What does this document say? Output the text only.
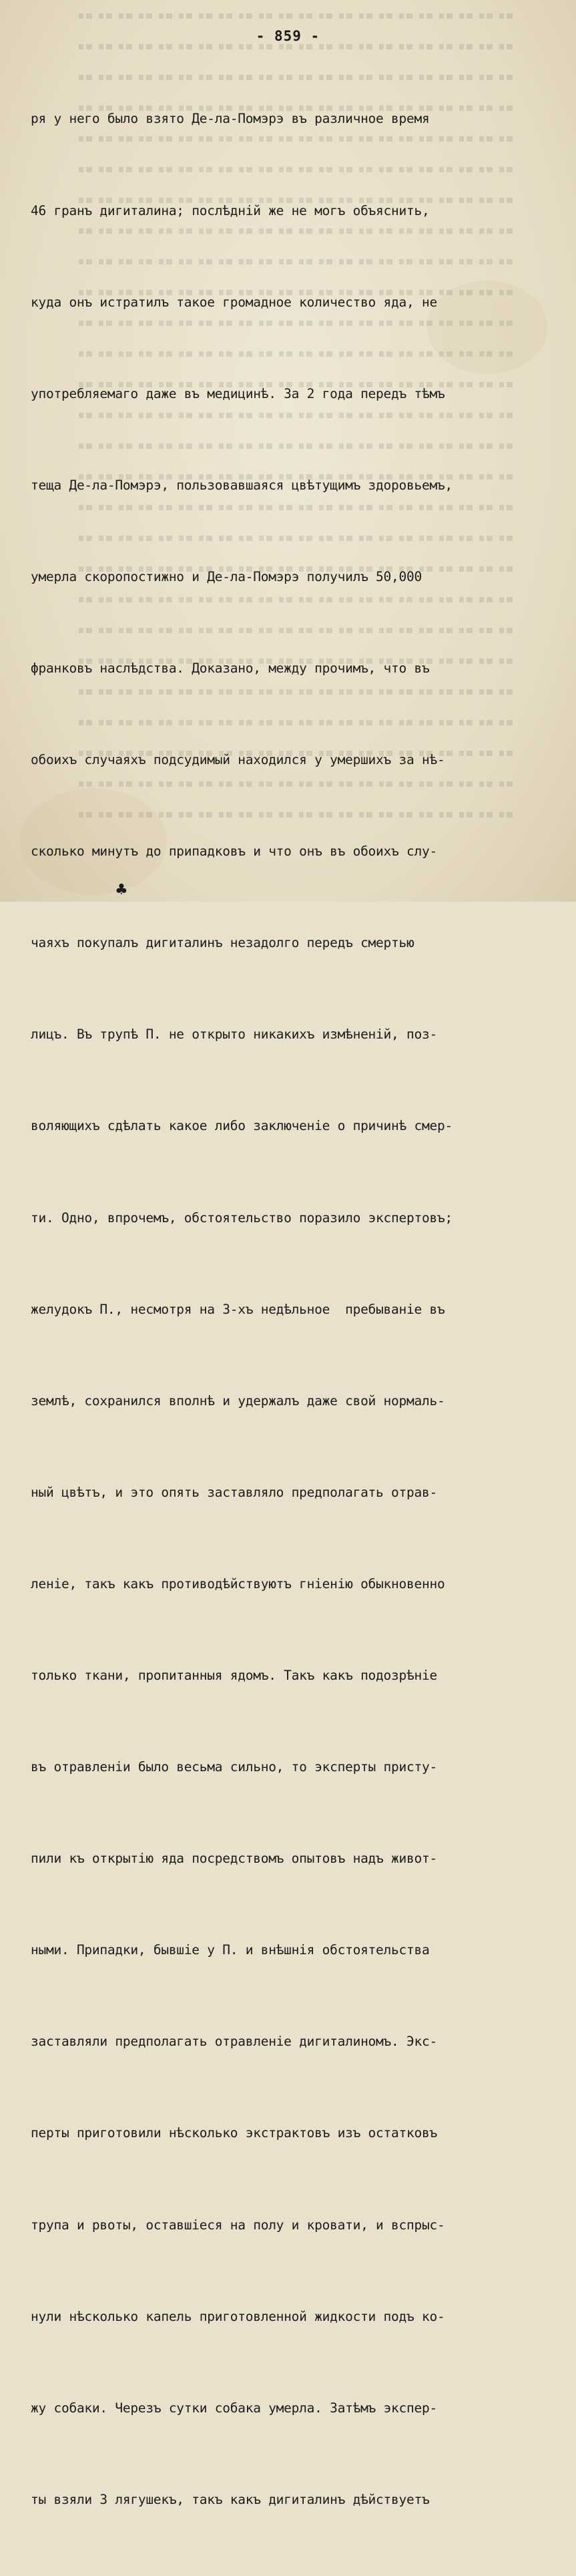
- 859 -

ря у него было взято Де-ла-Помэрэ въ различное время

46 гранъ дигиталина; послѣдній же не могъ объяснить,

куда онъ истратилъ такое громадное количество яда, не

употребляемаго даже въ медицинѣ. За 2 года передъ тѣмъ

теща Де-ла-Помэрэ, пользовавшаяся цвѣтущимъ здоровьемъ,

умерла скоропостижно и Де-ла-Помэрэ получилъ 50,000

франковъ наслѣдства. Доказано, между прочимъ, что въ

обоихъ случаяхъ подсудимый находился у умершихъ за нѣ-

сколько минутъ до припадковъ и что онъ въ обоихъ слу-

чаяхъ покупалъ дигиталинъ незадолго передъ смертью

лицъ. Въ трупѣ П. не открыто никакихъ измѣненій, поз-

воляющихъ сдѣлать какое либо заключеніе о причинѣ смер-

ти. Одно, впрочемъ, обстоятельство поразило экспертовъ;

желудокъ П., несмотря на 3-хъ недѣльное  пребываніе въ

землѣ, сохранился вполнѣ и удержалъ даже свой нормаль-

ный цвѣтъ, и это опять заставляло предполагать отрав-

леніе, такъ какъ противодѣйствуютъ гніенію обыкновенно

только ткани, пропитанныя ядомъ. Такъ какъ подозрѣніе

въ отравленіи было весьма сильно, то эксперты присту-

пили къ открытію яда посредствомъ опытовъ надъ живот-

ными. Припадки, бывшіе у П. и внѣшнія обстоятельства

заставляли предполагать отравленіе дигиталиномъ. Экс-

перты приготовили нѣсколько экстрактовъ изъ остатковъ

трупа и рвоты, оставшіеся на полу и кровати, и вспрыс-

нули нѣсколько капель приготовленной жидкости подъ ко-

жу собаки. Черезъ сутки собака умерла. Затѣмъ экспер-

ты взяли 3 лягушекъ, такъ какъ дигиталинъ дѣйствуетъ

♣
